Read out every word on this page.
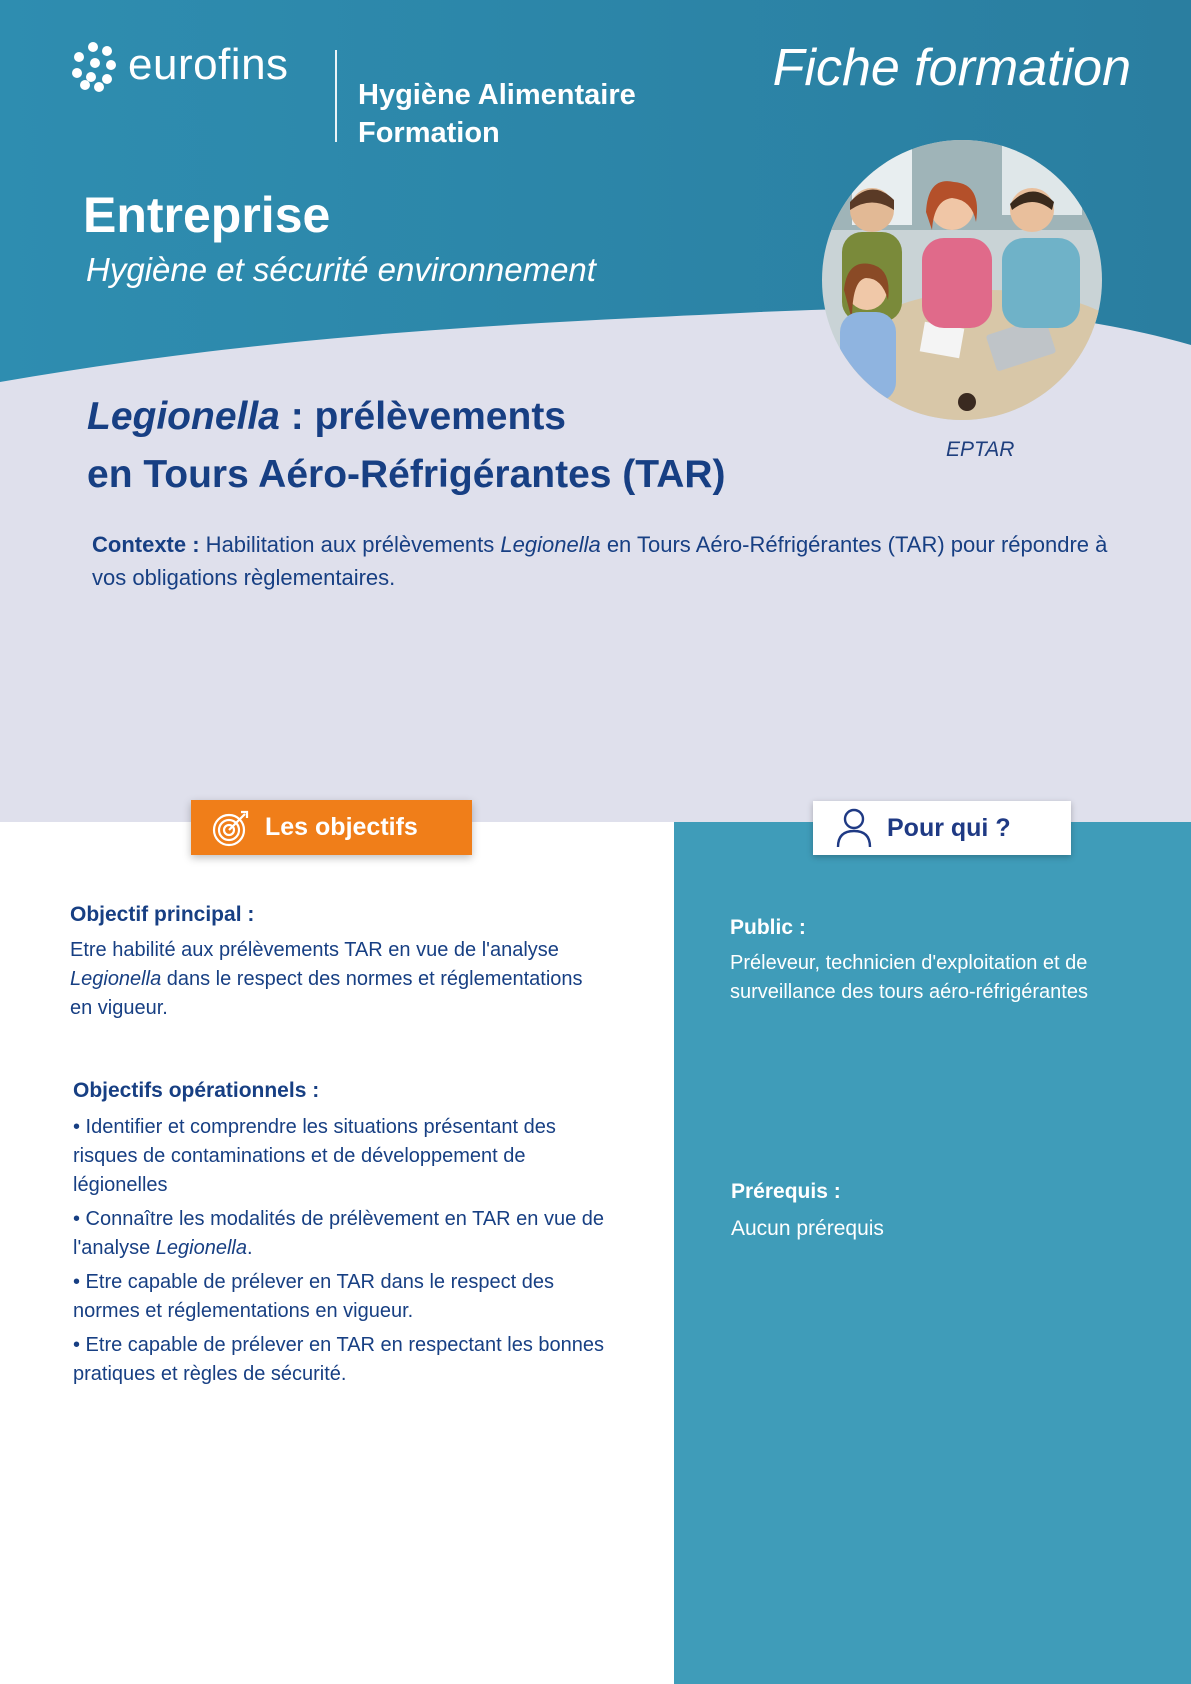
eurofins
Hygiène Alimentaire
Formation
Fiche formation
Entreprise
Hygiène et sécurité environnement
EPTAR
Legionella : prélèvements
en Tours Aéro-Réfrigérantes (TAR)
Contexte : Habilitation aux prélèvements Legionella en Tours Aéro-Réfrigérantes (TAR) pour répondre à vos obligations règlementaires.
Les objectifs	Pour qui ?
Objectif principal :
Etre habilité aux prélèvements TAR en vue de l'analyse Legionella dans le respect des normes et réglementations en vigueur.
Objectifs opérationnels :
• Identifier et comprendre les situations présentant des risques de contaminations et de développement de légionelles
• Connaître les modalités de prélèvement en TAR en vue de l'analyse Legionella.
• Etre capable de prélever en TAR dans le respect des normes et réglementations en vigueur.
• Etre capable de prélever en TAR en respectant les bonnes pratiques et règles de sécurité.
Public :
Préleveur, technicien d'exploitation et de surveillance des tours aéro-réfrigérantes
Prérequis :
Aucun prérequis
